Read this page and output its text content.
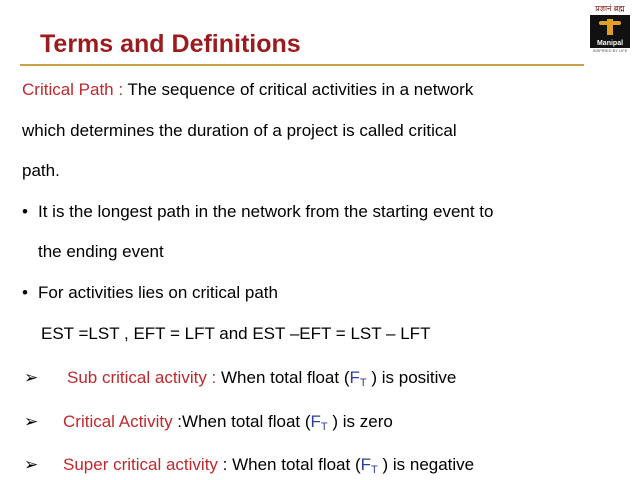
Terms and Definitions
प्रज्ञानं ब्रह्म
Manipal
INSPIRED BY LIFE
Critical Path : The sequence of critical activities in a network
which determines the duration of a project is called critical
path.
• It is the longest path in the network from the starting event to
the ending event
• For activities lies on critical path
EST =LST , EFT = LFT and EST –EFT = LST – LFT
➢ Sub critical activity : When total float ($F_T$ ) is positive
➢ Critical Activity :When total float ($F_T$ ) is zero
➢ Super critical activity : When total float ($F_T$ ) is negative
